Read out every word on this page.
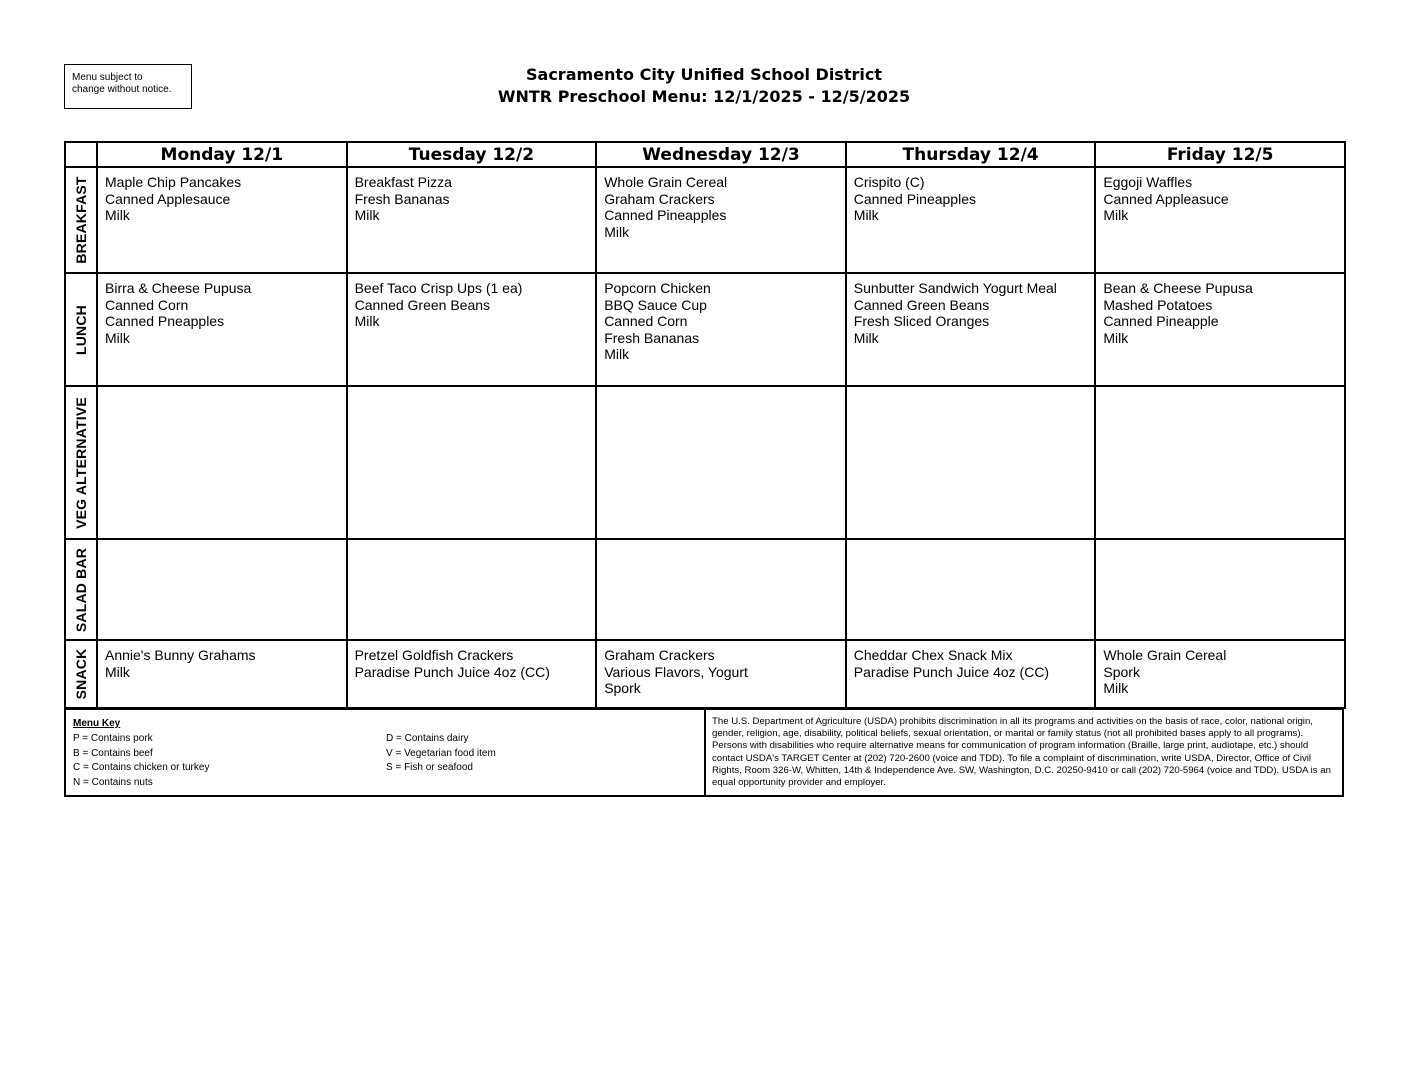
Menu subject to
change without notice.
Sacramento City Unified School District
WNTR Preschool Menu: 12/1/2025 - 12/5/2025
	Monday 12/1	Tuesday 12/2	Wednesday 12/3	Thursday 12/4	Friday 12/5

BREAKFAST	Maple Chip Pancakes
Canned Applesauce
Milk	Breakfast Pizza
Fresh Bananas
Milk	Whole Grain Cereal
Graham Crackers
Canned Pineapples
Milk	Crispito (C)
Canned Pineapples
Milk	Eggoji Waffles
Canned Appleasuce
Milk

LUNCH	Birra & Cheese Pupusa
Canned Corn
Canned Pneapples
Milk	Beef Taco Crisp Ups (1 ea)
Canned Green Beans
Milk	Popcorn Chicken
BBQ Sauce Cup
Canned Corn
Fresh Bananas
Milk	Sunbutter Sandwich Yogurt Meal
Canned Green Beans
Fresh Sliced Oranges
Milk	Bean & Cheese Pupusa
Mashed Potatoes
Canned Pineapple
Milk

VEG ALTERNATIVE					

SALAD BAR					

SNACK	Annie's Bunny Grahams
Milk	Pretzel Goldfish Crackers
Paradise Punch Juice 4oz (CC)	Graham Crackers
Various Flavors, Yogurt
Spork	Cheddar Chex Snack Mix
Paradise Punch Juice 4oz (CC)	Whole Grain Cereal
Spork
Milk
Menu Key
P = Contains pork
B = Contains beef
C = Contains chicken or turkey
N = Contains nuts
D = Contains dairy
V = Vegetarian food item
S = Fish or seafood
The U.S. Department of Agriculture (USDA) prohibits discrimination in all its programs and activities on the basis of race, color, national origin, gender, religion, age, disability, political beliefs, sexual orientation, or marital or family status (not all prohibited bases apply to all programs). Persons with disabilities who require alternative means for communication of program information (Braille, large print, audiotape, etc.) should contact USDA's TARGET Center at (202) 720-2600 (voice and TDD). To file a complaint of discrimination, write USDA, Director, Office of Civil Rights, Room 326-W, Whitten, 14th & Independence Ave. SW, Washington, D.C. 20250-9410 or call (202) 720-5964 (voice and TDD). USDA is an equal opportunity provider and employer.
